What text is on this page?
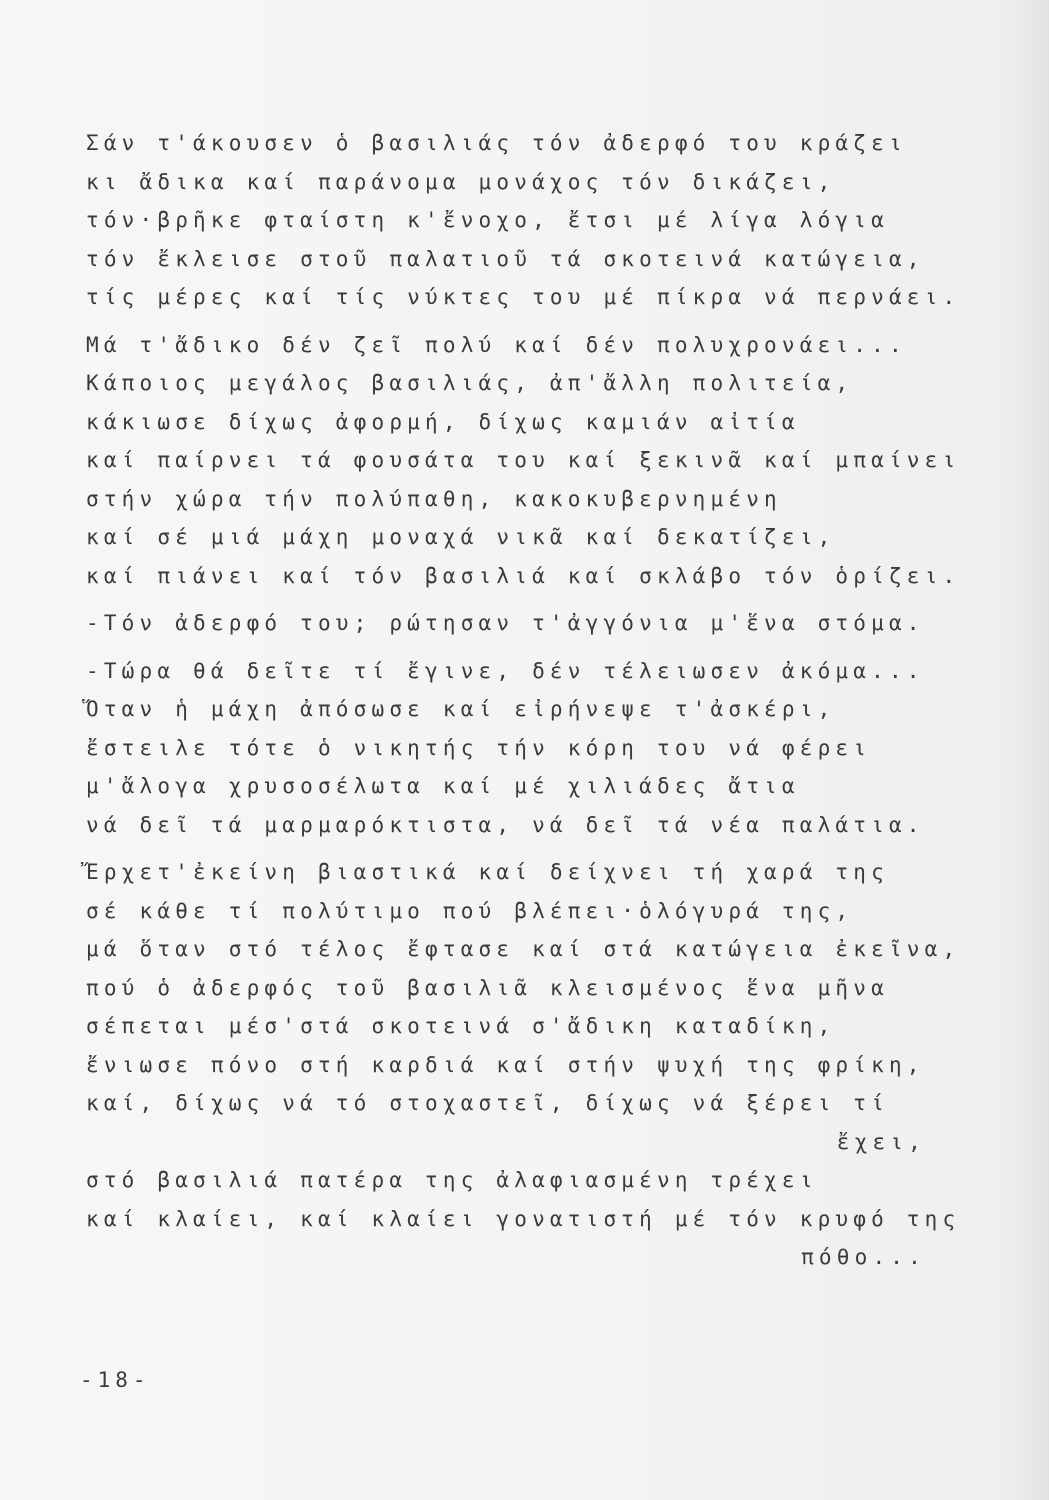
Σάν τ'άκουσεν ὁ βασιλιάς τόν ἀδερφό του κράζει
κι ἄδικα καί παράνομα μονάχος τόν δικάζει,
τόν·βρῆκε φταίστη κ'ἔνοχο, ἔτσι μέ λίγα λόγια
τόν ἔκλεισε στοῦ παλατιοῦ τά σκοτεινά κατώγεια,
τίς μέρες καί τίς νύκτες του μέ πίκρα νά περνάει.
Μά τ'ἄδικο δέν ζεῖ πολύ καί δέν πολυχρονάει...
Κάποιος μεγάλος βασιλιάς, ἀπ'ἄλλη πολιτεία,
κάκιωσε δίχως ἀφορμή, δίχως καμιάν αἰτία
καί παίρνει τά φουσάτα του καί ξεκινᾶ καί μπαίνει
στήν χώρα τήν πολύπαθη, κακοκυβερνημένη
καί σέ μιά μάχη μοναχά νικᾶ καί δεκατίζει,
καί πιάνει καί τόν βασιλιά καί σκλάβο τόν ὁρίζει.
-Τόν ἀδερφό του; ρώτησαν τ'ἀγγόνια μ'ἕνα στόμα.
-Τώρα θά δεῖτε τί ἔγινε, δέν τέλειωσεν ἀκόμα...
Ὅταν ἡ μάχη ἀπόσωσε καί εἰρήνεψε τ'ἀσκέρι,
ἔστειλε τότε ὁ νικητής τήν κόρη του νά φέρει
μ'ἄλογα χρυσοσέλωτα καί μέ χιλιάδες ἄτια
νά δεῖ τά μαρμαρόκτιστα, νά δεῖ τά νέα παλάτια.
Ἔρχετ'ἐκείνη βιαστικά καί δείχνει τή χαρά της
σέ κάθε τί πολύτιμο πού βλέπει·ὁλόγυρά της,
μά ὅταν στό τέλος ἔφτασε καί στά κατώγεια ἐκεῖνα,
πού ὁ ἀδερφός τοῦ βασιλιᾶ κλεισμένος ἕνα μῆνα
σέπεται μέσ'στά σκοτεινά σ'ἄδικη καταδίκη,
ἔνιωσε πόνο στή καρδιά καί στήν ψυχή της φρίκη,
καί, δίχως νά τό στοχαστεῖ, δίχως νά ξέρει τί
ἔχει,
στό βασιλιά πατέρα της ἀλαφιασμένη τρέχει
καί κλαίει, καί κλαίει γονατιστή μέ τόν κρυφό της
πόθο...
-18-
